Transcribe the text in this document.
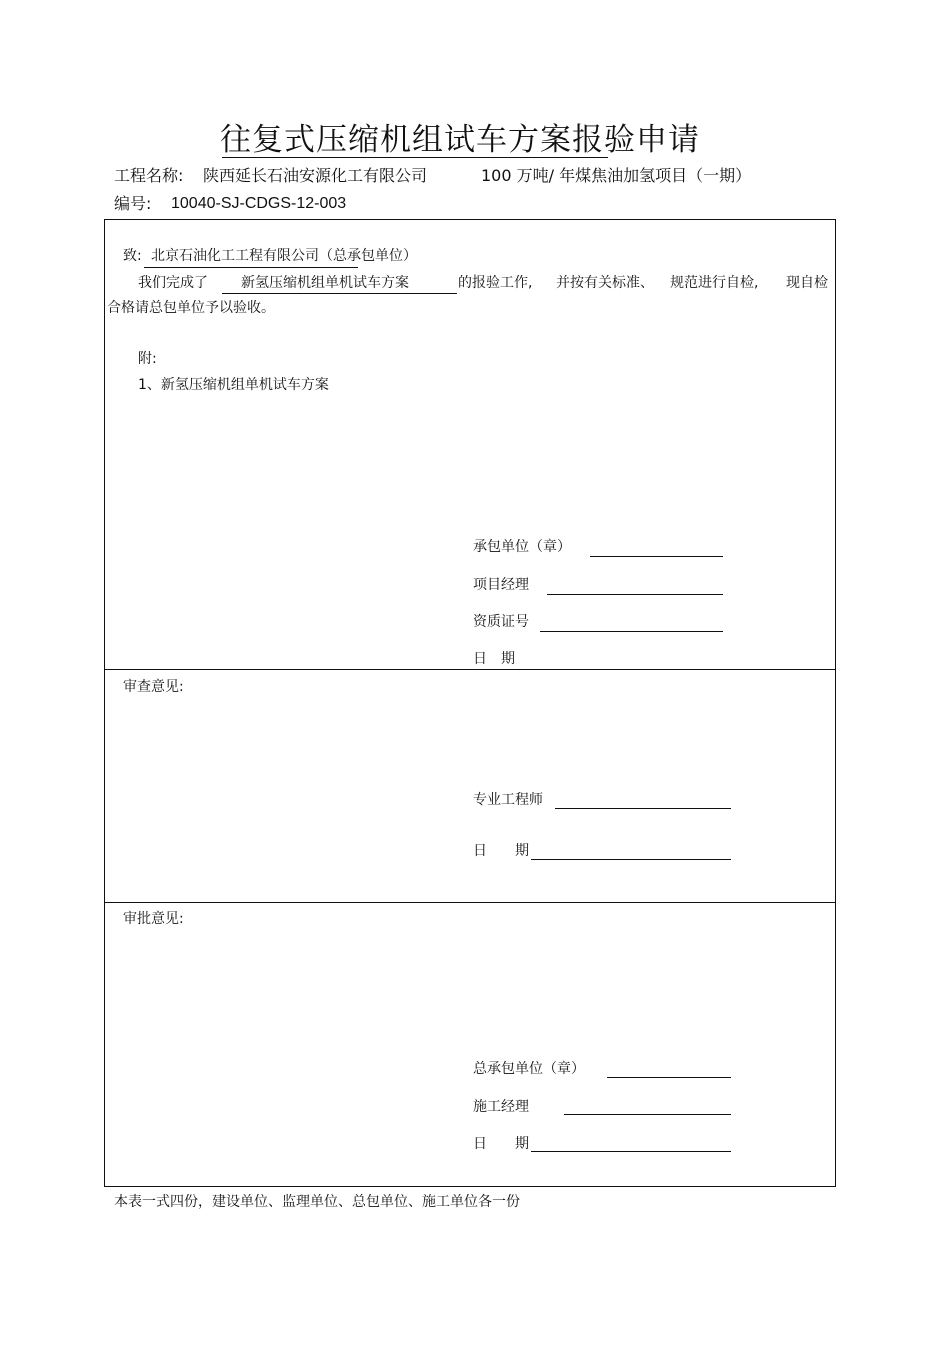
往复式压缩机组试车方案报验申请
工程名称: 陕西延长石油安源化工有限公司	100 万吨/ 年煤焦油加氢项目（一期）
编号: 10040-SJ-CDGS-12-003
致: 北京石油化工工程有限公司（总承包单位）
我们完成了 新氢压缩机组单机试车方案	的报验工作, 并按有关标准、 规范进行自检, 现自检
合格请总包单位予以验收。
附:
1、新氢压缩机组单机试车方案
承包单位（章）
项目经理
资质证号
日　期
审查意见:
专业工程师
日　　期
审批意见:
总承包单位（章）
施工经理
日　　期
本表一式四份，建设单位、监理单位、总包单位、施工单位各一份
